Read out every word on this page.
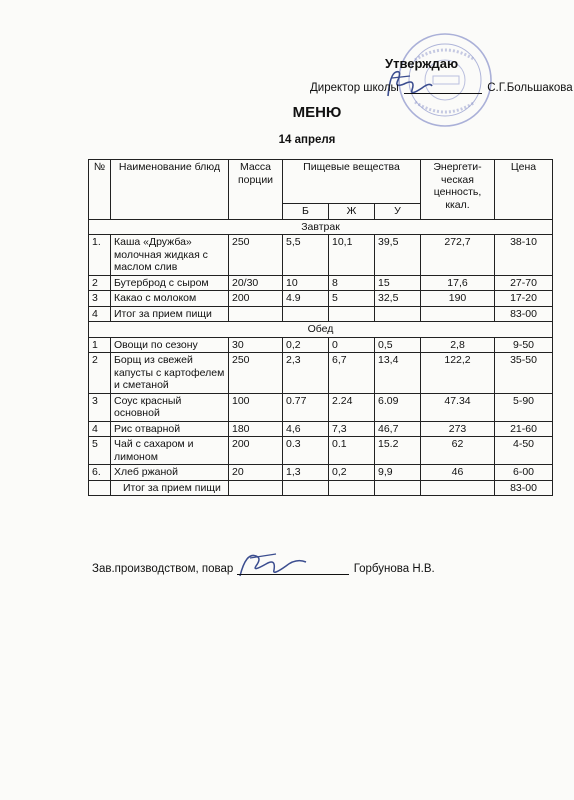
Утверждаю
Директор школы	С.Г.Большакова
МЕНЮ
14 апреля
№	Наименование блюд	Масса порции	Пищевые вещества			Энергети-ческая ценность, ккал.	Цена
			Б	Ж	У		
Завтрак							
1.	Каша «Дружба» молочная жидкая с маслом слив	250	5,5	10,1	39,5	272,7	38-10
2	Бутерброд с сыром	20/30	10	8	15	17,6	27-70
3	Какао с молоком	200	4.9	5	32,5	190	17-20
4	Итог за прием пищи						83-00
Обед							
1	Овощи по сезону	30	0,2	0	0,5	2,8	9-50
2	Борщ из свежей капусты с картофелем и сметаной	250	2,3	6,7	13,4	122,2	35-50
3	Соус красный основной	100	0.77	2.24	6.09	47.34	5-90
4	Рис отварной	180	4,6	7,3	46,7	273	21-60
5	Чай с сахаром и лимоном	200	0.3	0.1	15.2	62	4-50
6.	Хлеб ржаной	20	1,3	0,2	9,9	46	6-00
	Итог за прием пищи						83-00
Зав.производством, повар	Горбунова Н.В.
